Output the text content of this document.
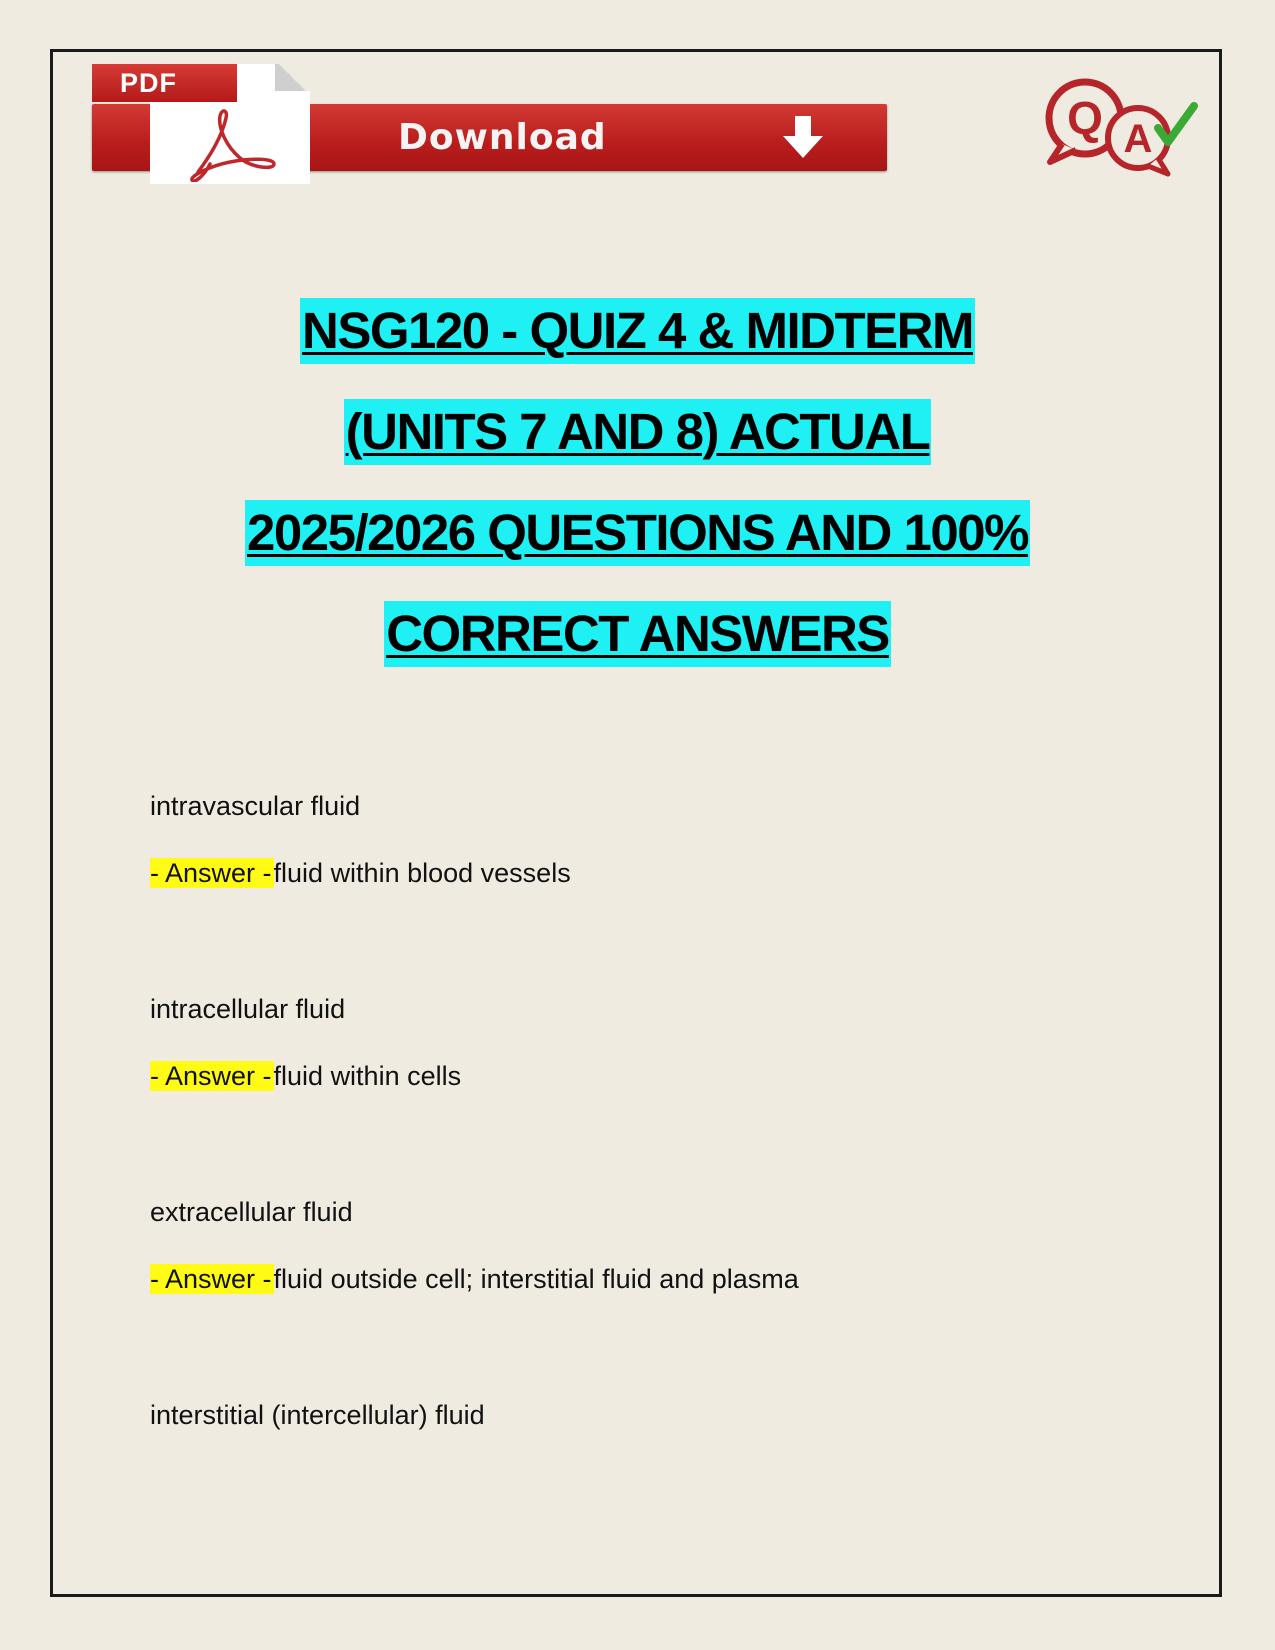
PDF
Download	Q A
NSG120 - QUIZ 4 & MIDTERM
(UNITS 7 AND 8) ACTUAL
2025/2026 QUESTIONS AND 100%
CORRECT ANSWERS
intravascular fluid
- Answer -fluid within blood vessels
intracellular fluid
- Answer -fluid within cells
extracellular fluid
- Answer -fluid outside cell; interstitial fluid and plasma
interstitial (intercellular) fluid
